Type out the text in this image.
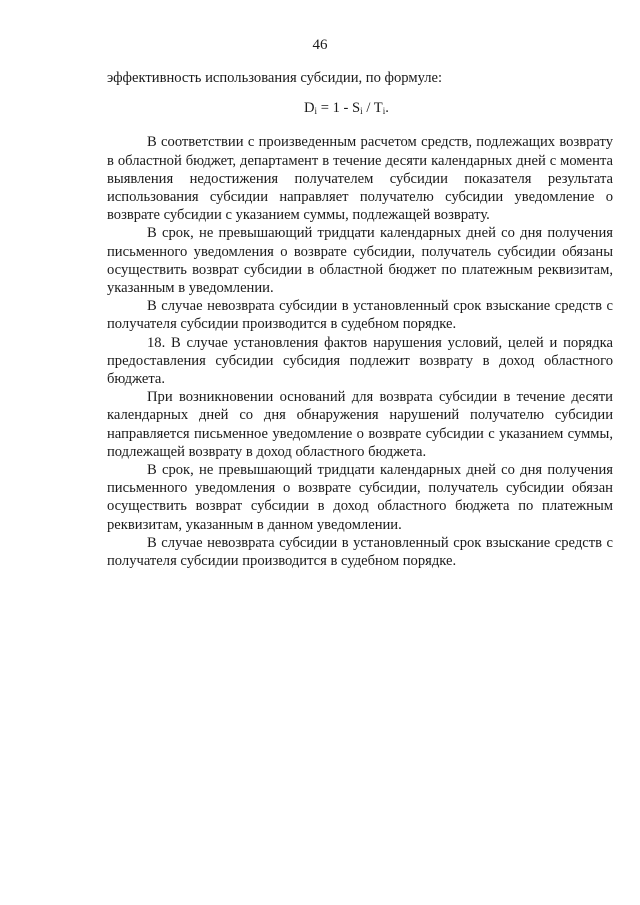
46

эффективность использования субсидии, по формуле:

$D_i = 1 - S_i / T_i$.

В соответствии с произведенным расчетом средств, подлежащих возврату в областной бюджет, департамент в течение десяти календарных дней с момента выявления недостижения получателем субсидии показателя результата использования субсидии направляет получателю субсидии уведомление о возврате субсидии с указанием суммы, подлежащей возврату.

В срок, не превышающий тридцати календарных дней со дня получения письменного уведомления о возврате субсидии, получатель субсидии обязаны осуществить возврат субсидии в областной бюджет по платежным реквизитам, указанным в уведомлении.

В случае невозврата субсидии в установленный срок взыскание средств с получателя субсидии производится в судебном порядке.

18. В случае установления фактов нарушения условий, целей и порядка предоставления субсидии субсидия подлежит возврату в доход областного бюджета.

При возникновении оснований для возврата субсидии в течение десяти календарных дней со дня обнаружения нарушений получателю субсидии направляется письменное уведомление о возврате субсидии с указанием суммы, подлежащей возврату в доход областного бюджета.

В срок, не превышающий тридцати календарных дней со дня получения письменного уведомления о возврате субсидии, получатель субсидии обязан осуществить возврат субсидии в доход областного бюджета по платежным реквизитам, указанным в данном уведомлении.

В случае невозврата субсидии в установленный срок взыскание средств с получателя субсидии производится в судебном порядке.
